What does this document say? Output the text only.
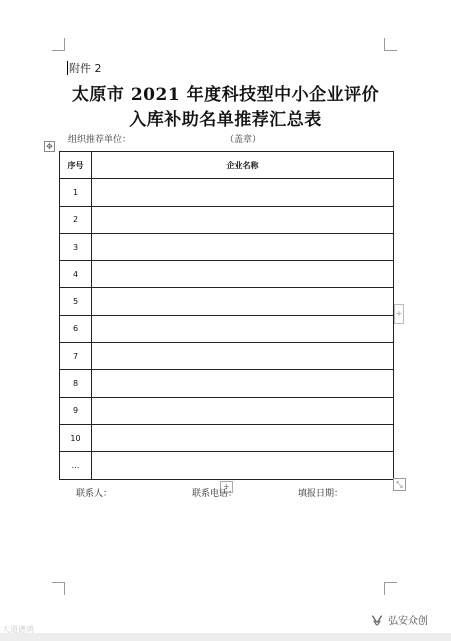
附件 2
太原市 2021 年度科技型中小企业评价
入库补助名单推荐汇总表
组织推荐单位：	（盖章）
✥
序号	企业名称
1	
2	
3	
4	
5	
6	
7	
8	
9	
10	
…	
+
+	⤡
联系人：	联系电话：	填报日期：
大道德鸿
弘安众创
